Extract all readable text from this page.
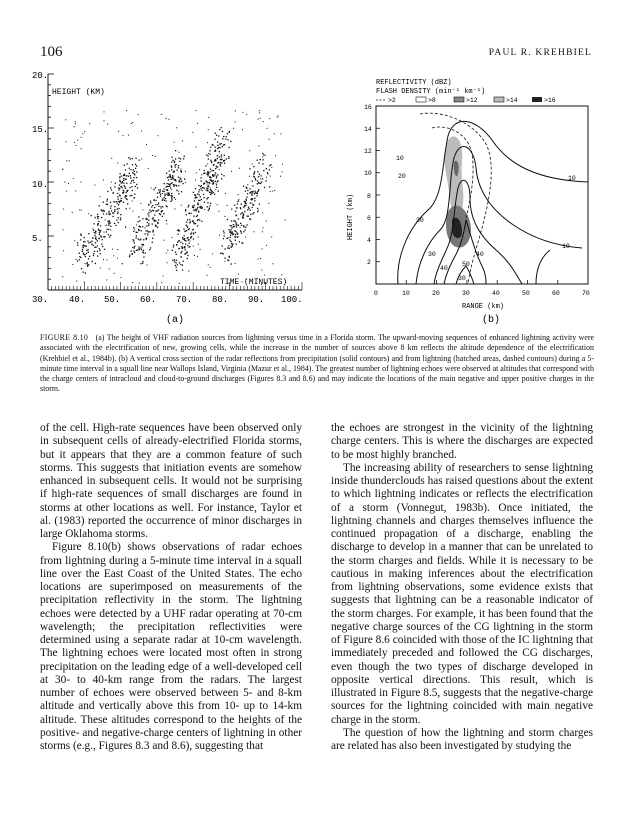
106	PAUL R. KREHBIEL
HEIGHT (KM)
TIME (MINUTES)
20.
15.
10.
5.
30. 40. 50. 60. 70. 80. 90. 100.
(a)
REFLECTIVITY (dBZ)
FLASH DENSITY (min⁻¹ km⁻¹)
>2	>8	>12	>14	>16
HEIGHT (km)
RANGE (km)
16
14
12
10
8
6
4
2
0	10	20	30	40	50	60	70
10
20
30
10
40
30
50
40
30
10
(b)
FIGURE 8.10 (a) The height of VHF radiation sources from lightning versus time in a Florida storm. The upward-moving sequences of enhanced lightning activity were associated with the electrification of new, growing cells, while the increase in the number of sources above 8 km reflects the altitude dependence of the electrification (Krehbiel et al., 1984b). (b) A vertical cross section of the radar reflections from precipitation (solid contours) and from lightning (hatched areas, dashed contours) during a 5-minute time interval in a squall line near Wallops Island, Virginia (Mazur et al., 1984). The greatest number of lightning echoes were observed at altitudes that correspond with the charge centers of intracloud and cloud-to-ground discharges (Figures 8.3 and 8.6) and may indicate the locations of the main negative and upper positive charges in the storm.

of the cell. High-rate sequences have been observed only in subsequent cells of already-electrified Florida storms, but it appears that they are a common feature of such storms. This suggests that initiation events are somehow enhanced in subsequent cells. It would not be surprising if high-rate sequences of small discharges are found in storms at other locations as well. For instance, Taylor et al. (1983) reported the occurrence of minor discharges in large Oklahoma storms.

Figure 8.10(b) shows observations of radar echoes from lightning during a 5-minute time interval in a squall line over the East Coast of the United States. The echo locations are superimposed on measurements of the precipitation reflectivity in the storm. The lightning echoes were detected by a UHF radar operating at 70-cm wavelength; the precipitation reflectivities were determined using a separate radar at 10-cm wavelength. The lightning echoes were located most often in strong precipitation on the leading edge of a well-developed cell at 30- to 40-km range from the radars. The largest number of echoes were observed between 5- and 8-km altitude and vertically above this from 10- up to 14-km altitude. These altitudes correspond to the heights of the positive- and negative-charge centers of lightning in other storms (e.g., Figures 8.3 and 8.6), suggesting that

the echoes are strongest in the vicinity of the lightning charge centers. This is where the discharges are expected to be most highly branched.

The increasing ability of researchers to sense lightning inside thunderclouds has raised questions about the extent to which lightning indicates or reflects the electrification of a storm (Vonnegut, 1983b). Once initiated, the lightning channels and charges themselves influence the continued propagation of a discharge, enabling the discharge to develop in a manner that can be unrelated to the storm charges and fields. While it is necessary to be cautious in making inferences about the electrification from lightning observations, some evidence exists that suggests that lightning can be a reasonable indicator of the storm charges. For example, it has been found that the negative charge sources of the CG lightning in the storm of Figure 8.6 coincided with those of the IC lightning that immediately preceded and followed the CG discharges, even though the two types of discharge developed in opposite vertical directions. This result, which is illustrated in Figure 8.5, suggests that the negative-charge sources for the lightning coincided with main negative charge in the storm.

The question of how the lightning and storm charges are related has also been investigated by studying the
